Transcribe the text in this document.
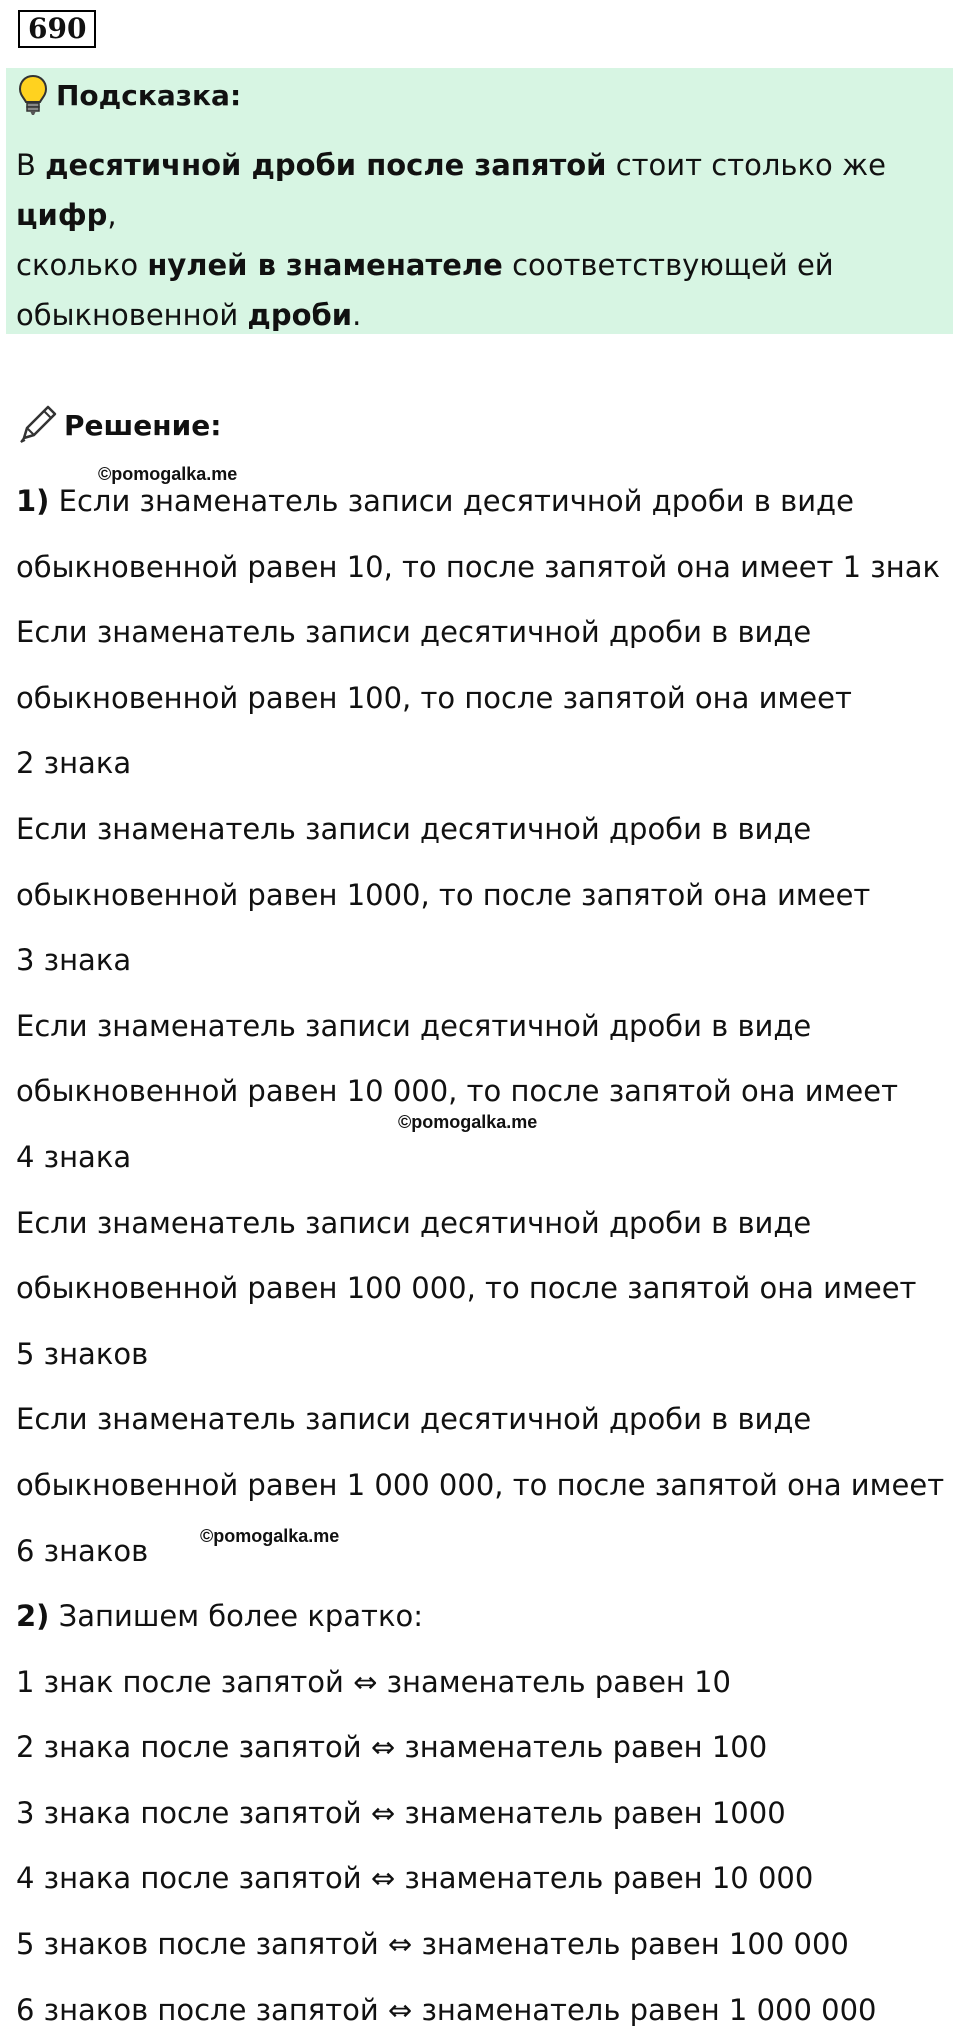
690
Подсказка:
В десятичной дроби после запятой стоит столько же цифр,
сколько нулей в знаменателе соответствующей ей
обыкновенной дроби.
Решение:
1) Если знаменатель записи десятичной дроби в виде
обыкновенной равен 10, то после запятой она имеет 1 знак
Если знаменатель записи десятичной дроби в виде
обыкновенной равен 100, то после запятой она имеет
2 знака
Если знаменатель записи десятичной дроби в виде
обыкновенной равен 1000, то после запятой она имеет
3 знака
Если знаменатель записи десятичной дроби в виде
обыкновенной равен 10 000, то после запятой она имеет
4 знака
Если знаменатель записи десятичной дроби в виде
обыкновенной равен 100 000, то после запятой она имеет
5 знаков
Если знаменатель записи десятичной дроби в виде
обыкновенной равен 1 000 000, то после запятой она имеет
6 знаков
2) Запишем более кратко:
1 знак после запятой ⇔ знаменатель равен 10
2 знака после запятой ⇔ знаменатель равен 100
3 знака после запятой ⇔ знаменатель равен 1000
4 знака после запятой ⇔ знаменатель равен 10 000
5 знаков после запятой ⇔ знаменатель равен 100 000
6 знаков после запятой ⇔ знаменатель равен 1 000 000
©pomogalka.me
©pomogalka.me
©pomogalka.me
